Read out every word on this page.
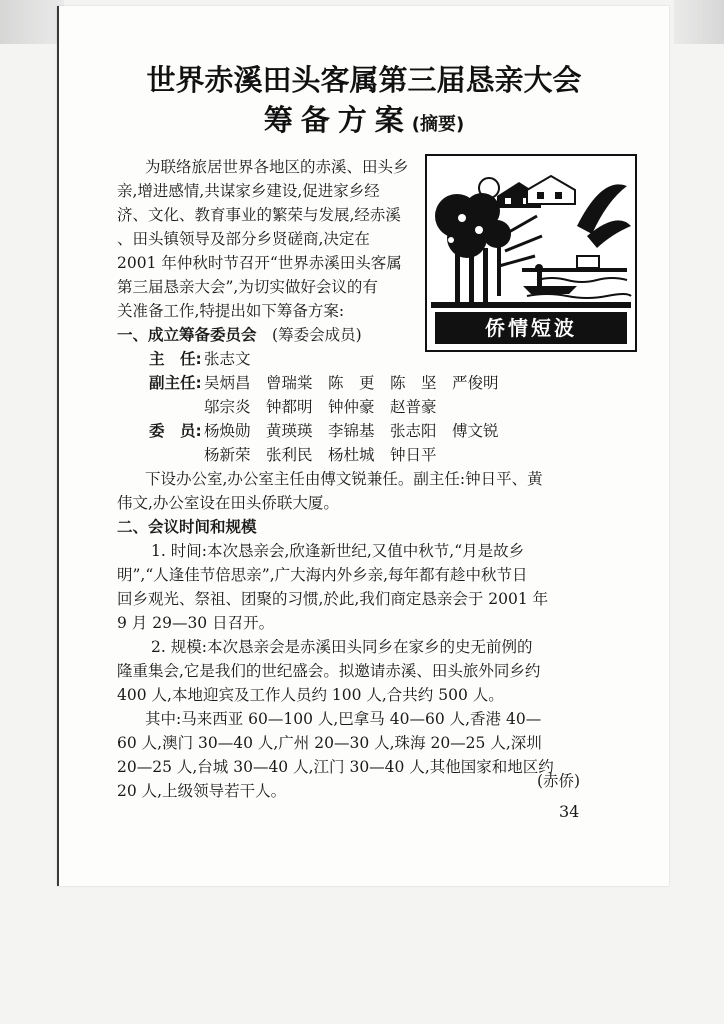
世界赤溪田头客属第三届恳亲大会
筹备方案(摘要)
为联络旅居世界各地区的赤溪、田头乡
亲,增进感情,共谋家乡建设,促进家乡经
济、文化、教育事业的繁荣与发展,经赤溪
、田头镇领导及部分乡贤磋商,决定在
2001 年仲秋时节召开“世界赤溪田头客属
第三届恳亲大会”,为切实做好会议的有
关准备工作,特提出如下筹备方案:
侨情短波
一、成立筹备委员会　 (筹委会成员)
主　任: 张志文
副主任: 吴炳昌　曾瑞棠　陈　更　陈　坚　严俊明
邬宗炎　钟都明　钟仲豪　赵普豪
委　员: 杨焕勋　黄瑛瑛　李锦基　张志阳　傅文锐
杨新荣　张利民　杨杜城　钟日平
下设办公室,办公室主任由傅文锐兼任。副主任:钟日平、黄
伟文,办公室设在田头侨联大厦。
二、会议时间和规模
1. 时间:本次恳亲会,欣逢新世纪,又值中秋节,“月是故乡
明”,“人逢佳节倍思亲”,广大海内外乡亲,每年都有趁中秋节日
回乡观光、祭祖、团聚的习惯,於此,我们商定恳亲会于 2001 年
9 月 29—30 日召开。
2. 规模:本次恳亲会是赤溪田头同乡在家乡的史无前例的
隆重集会,它是我们的世纪盛会。拟邀请赤溪、田头旅外同乡约
400 人,本地迎宾及工作人员约 100 人,合共约 500 人。
其中:马来西亚 60—100 人,巴拿马 40—60 人,香港 40—
60 人,澳门 30—40 人,广州 20—30 人,珠海 20—25 人,深圳
20—25 人,台城 30—40 人,江门 30—40 人,其他国家和地区约
20 人,上级领导若干人。
(赤侨)
34
